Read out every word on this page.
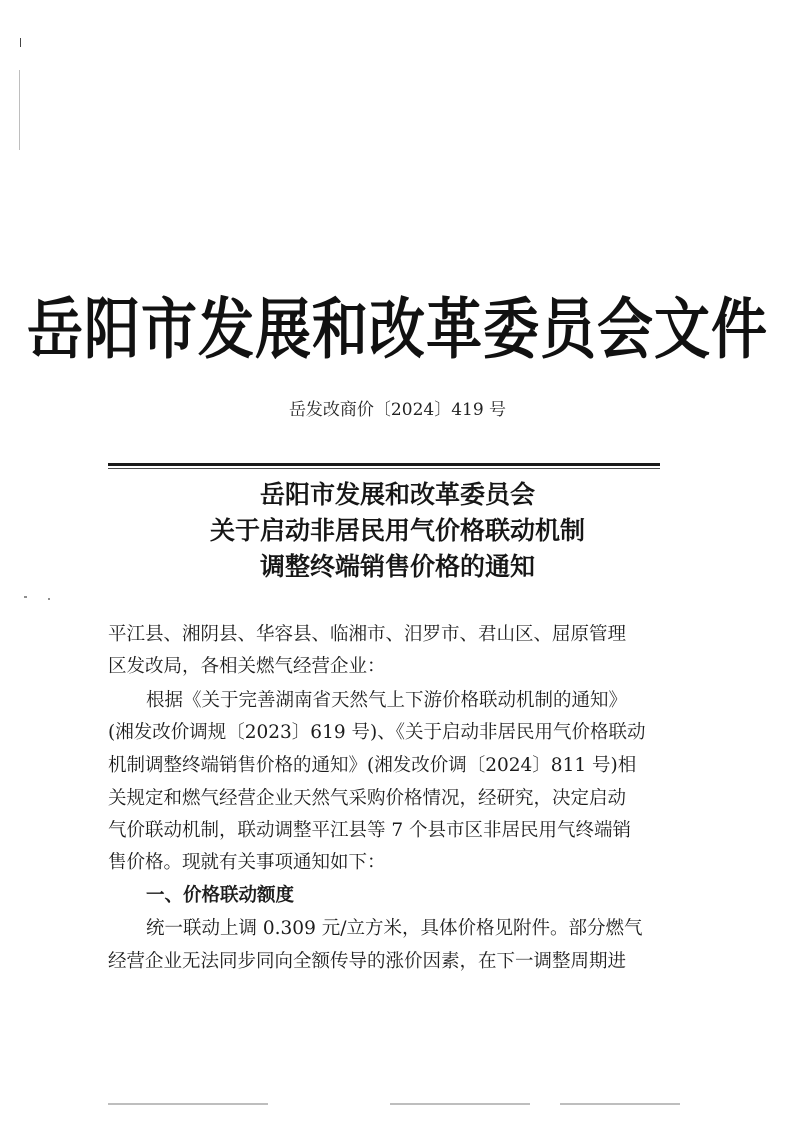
岳阳市发展和改革委员会文件
岳发改商价〔2024〕419 号
岳阳市发展和改革委员会
关于启动非居民用气价格联动机制
调整终端销售价格的通知
平江县、湘阴县、华容县、临湘市、汨罗市、君山区、屈原管理
区发改局，各相关燃气经营企业：
根据《关于完善湖南省天然气上下游价格联动机制的通知》
(湘发改价调规〔2023〕619 号)、《关于启动非居民用气价格联动
机制调整终端销售价格的通知》(湘发改价调〔2024〕811 号)相
关规定和燃气经营企业天然气采购价格情况，经研究，决定启动
气价联动机制，联动调整平江县等 7 个县市区非居民用气终端销
售价格。现就有关事项通知如下：
一、价格联动额度
统一联动上调 0.309 元/立方米，具体价格见附件。部分燃气
经营企业无法同步同向全额传导的涨价因素，在下一调整周期进
